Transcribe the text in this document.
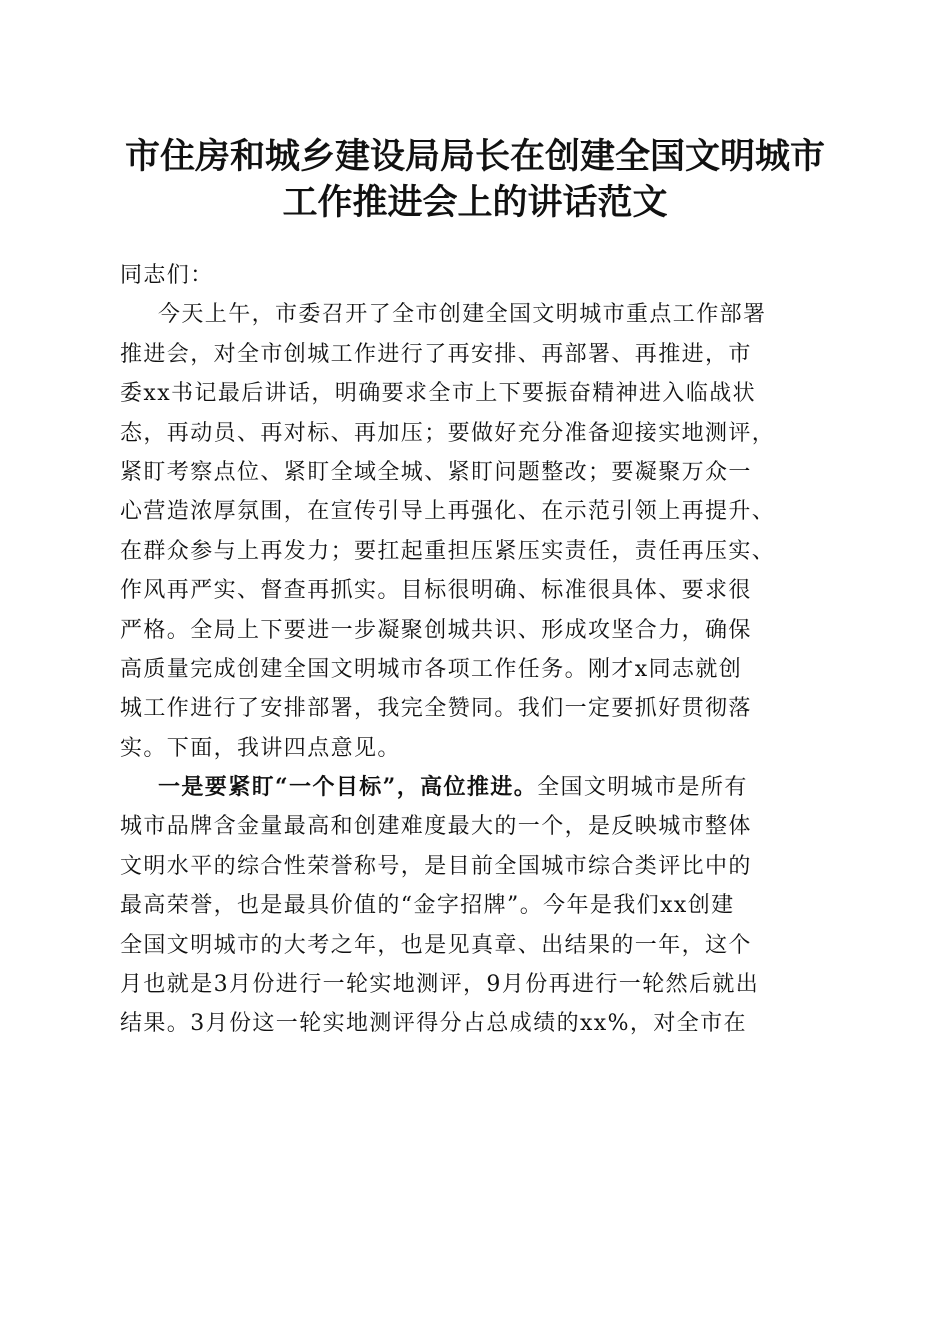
市住房和城乡建设局局长在创建全国文明城市
工作推进会上的讲话范文
同志们：
今天上午，市委召开了全市创建全国文明城市重点工作部署
推进会，对全市创城工作进行了再安排、再部署、再推进，市
委xx书记最后讲话，明确要求全市上下要振奋精神进入临战状
态，再动员、再对标、再加压；要做好充分准备迎接实地测评，
紧盯考察点位、紧盯全域全城、紧盯问题整改；要凝聚万众一
心营造浓厚氛围，在宣传引导上再强化、在示范引领上再提升、
在群众参与上再发力；要扛起重担压紧压实责任，责任再压实、
作风再严实、督查再抓实。目标很明确、标准很具体、要求很
严格。全局上下要进一步凝聚创城共识、形成攻坚合力，确保
高质量完成创建全国文明城市各项工作任务。刚才x同志就创
城工作进行了安排部署，我完全赞同。我们一定要抓好贯彻落
实。下面，我讲四点意见。
一是要紧盯“一个目标”，高位推进。全国文明城市是所有
城市品牌含金量最高和创建难度最大的一个，是反映城市整体
文明水平的综合性荣誉称号，是目前全国城市综合类评比中的
最高荣誉，也是最具价值的“金字招牌”。今年是我们xx创建
全国文明城市的大考之年，也是见真章、出结果的一年，这个
月也就是3月份进行一轮实地测评，9月份再进行一轮然后就出
结果。3月份这一轮实地测评得分占总成绩的xx%，对全市在
